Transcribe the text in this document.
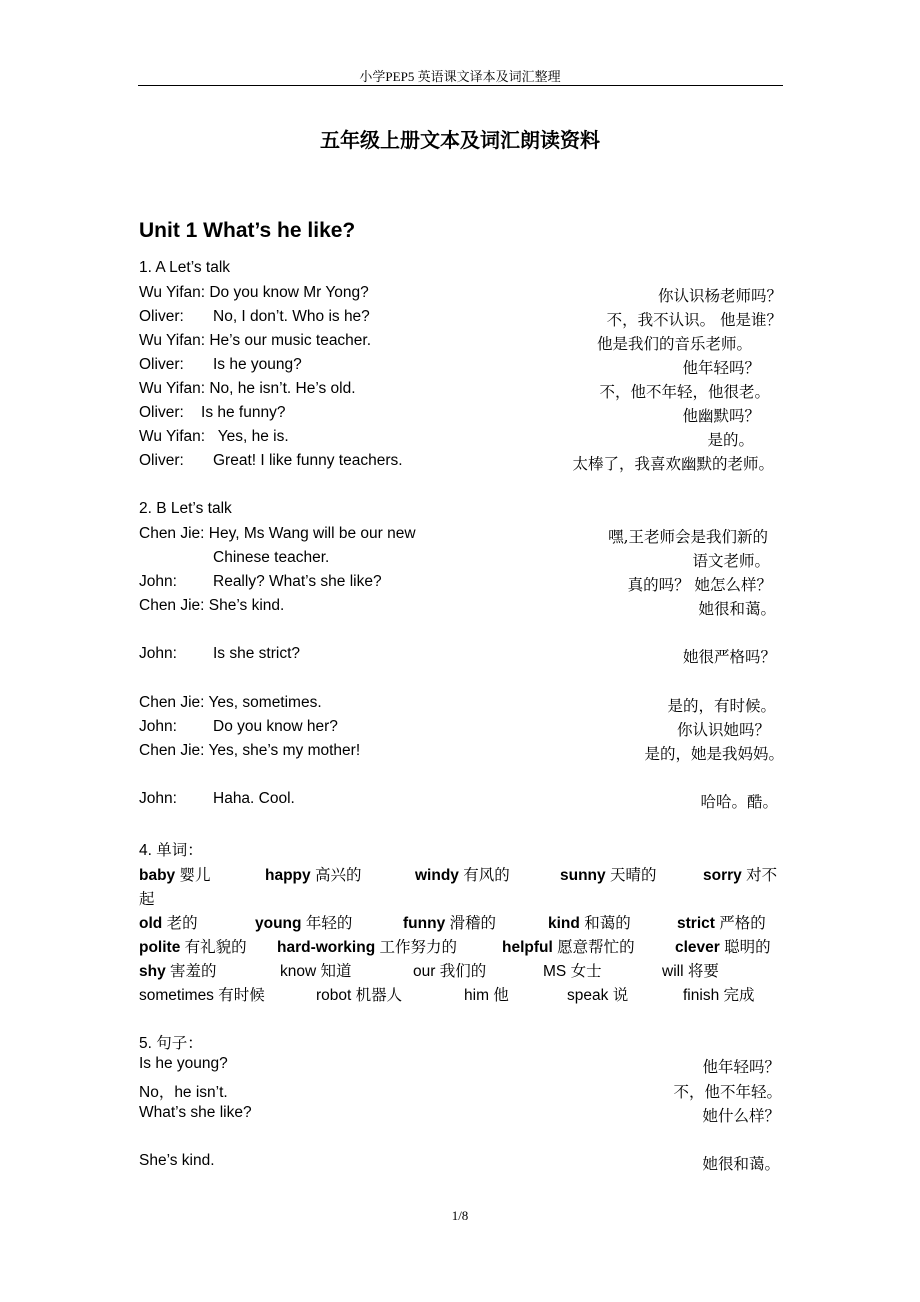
小学PEP5 英语课文译本及词汇整理
五年级上册文本及词汇朗读资料
Unit 1 What’s he like?
1. A Let’s talk
Wu Yifan: Do you know Mr Yong?	你认识杨老师吗？
Oliver: No, I don’t. Who is he?	不，我不认识。 他是谁？
Wu Yifan: He’s our music teacher.	他是我们的音乐老师。
Oliver: Is he young?	他年轻吗？
Wu Yifan: No, he isn’t. He’s old.	不，他不年轻，他很老。
Oliver:    Is he funny?	他幽默吗？
Wu Yifan:   Yes, he is.	是的。
Oliver: Great! I like funny teachers.	太棒了，我喜欢幽默的老师。
2. B Let’s talk
Chen Jie: Hey, Ms Wang will be our new	嘿,王老师会是我们新的
Chinese teacher.	语文老师。
John: Really? What’s she like?	真的吗？ 她怎么样？
Chen Jie: She’s kind.	她很和蔼。
John: Is she strict?	她很严格吗？
Chen Jie: Yes, sometimes.	是的，有时候。
John: Do you know her?	你认识她吗？
Chen Jie: Yes, she’s my mother!	是的，她是我妈妈。
John: Haha. Cool.	哈哈。酷。
4. 单词：
baby 婴儿	happy 高兴的	windy 有风的	sunny 天晴的	sorry 对不
起
old 老的	young 年轻的	funny 滑稽的	kind 和蔼的	strict 严格的
polite 有礼貌的 hard-working 工作努力的	helpful 愿意帮忙的	clever 聪明的
shy 害羞的	know 知道	our 我们的	MS 女士	will 将要
sometimes 有时候	robot 机器人	him 他	speak 说	finish 完成
5. 句子：
Is he young?	他年轻吗？
No，he isn’t.	不，他不年轻。
What’s she like?	她什么样？
She’s kind.	她很和蔼。
1/8
